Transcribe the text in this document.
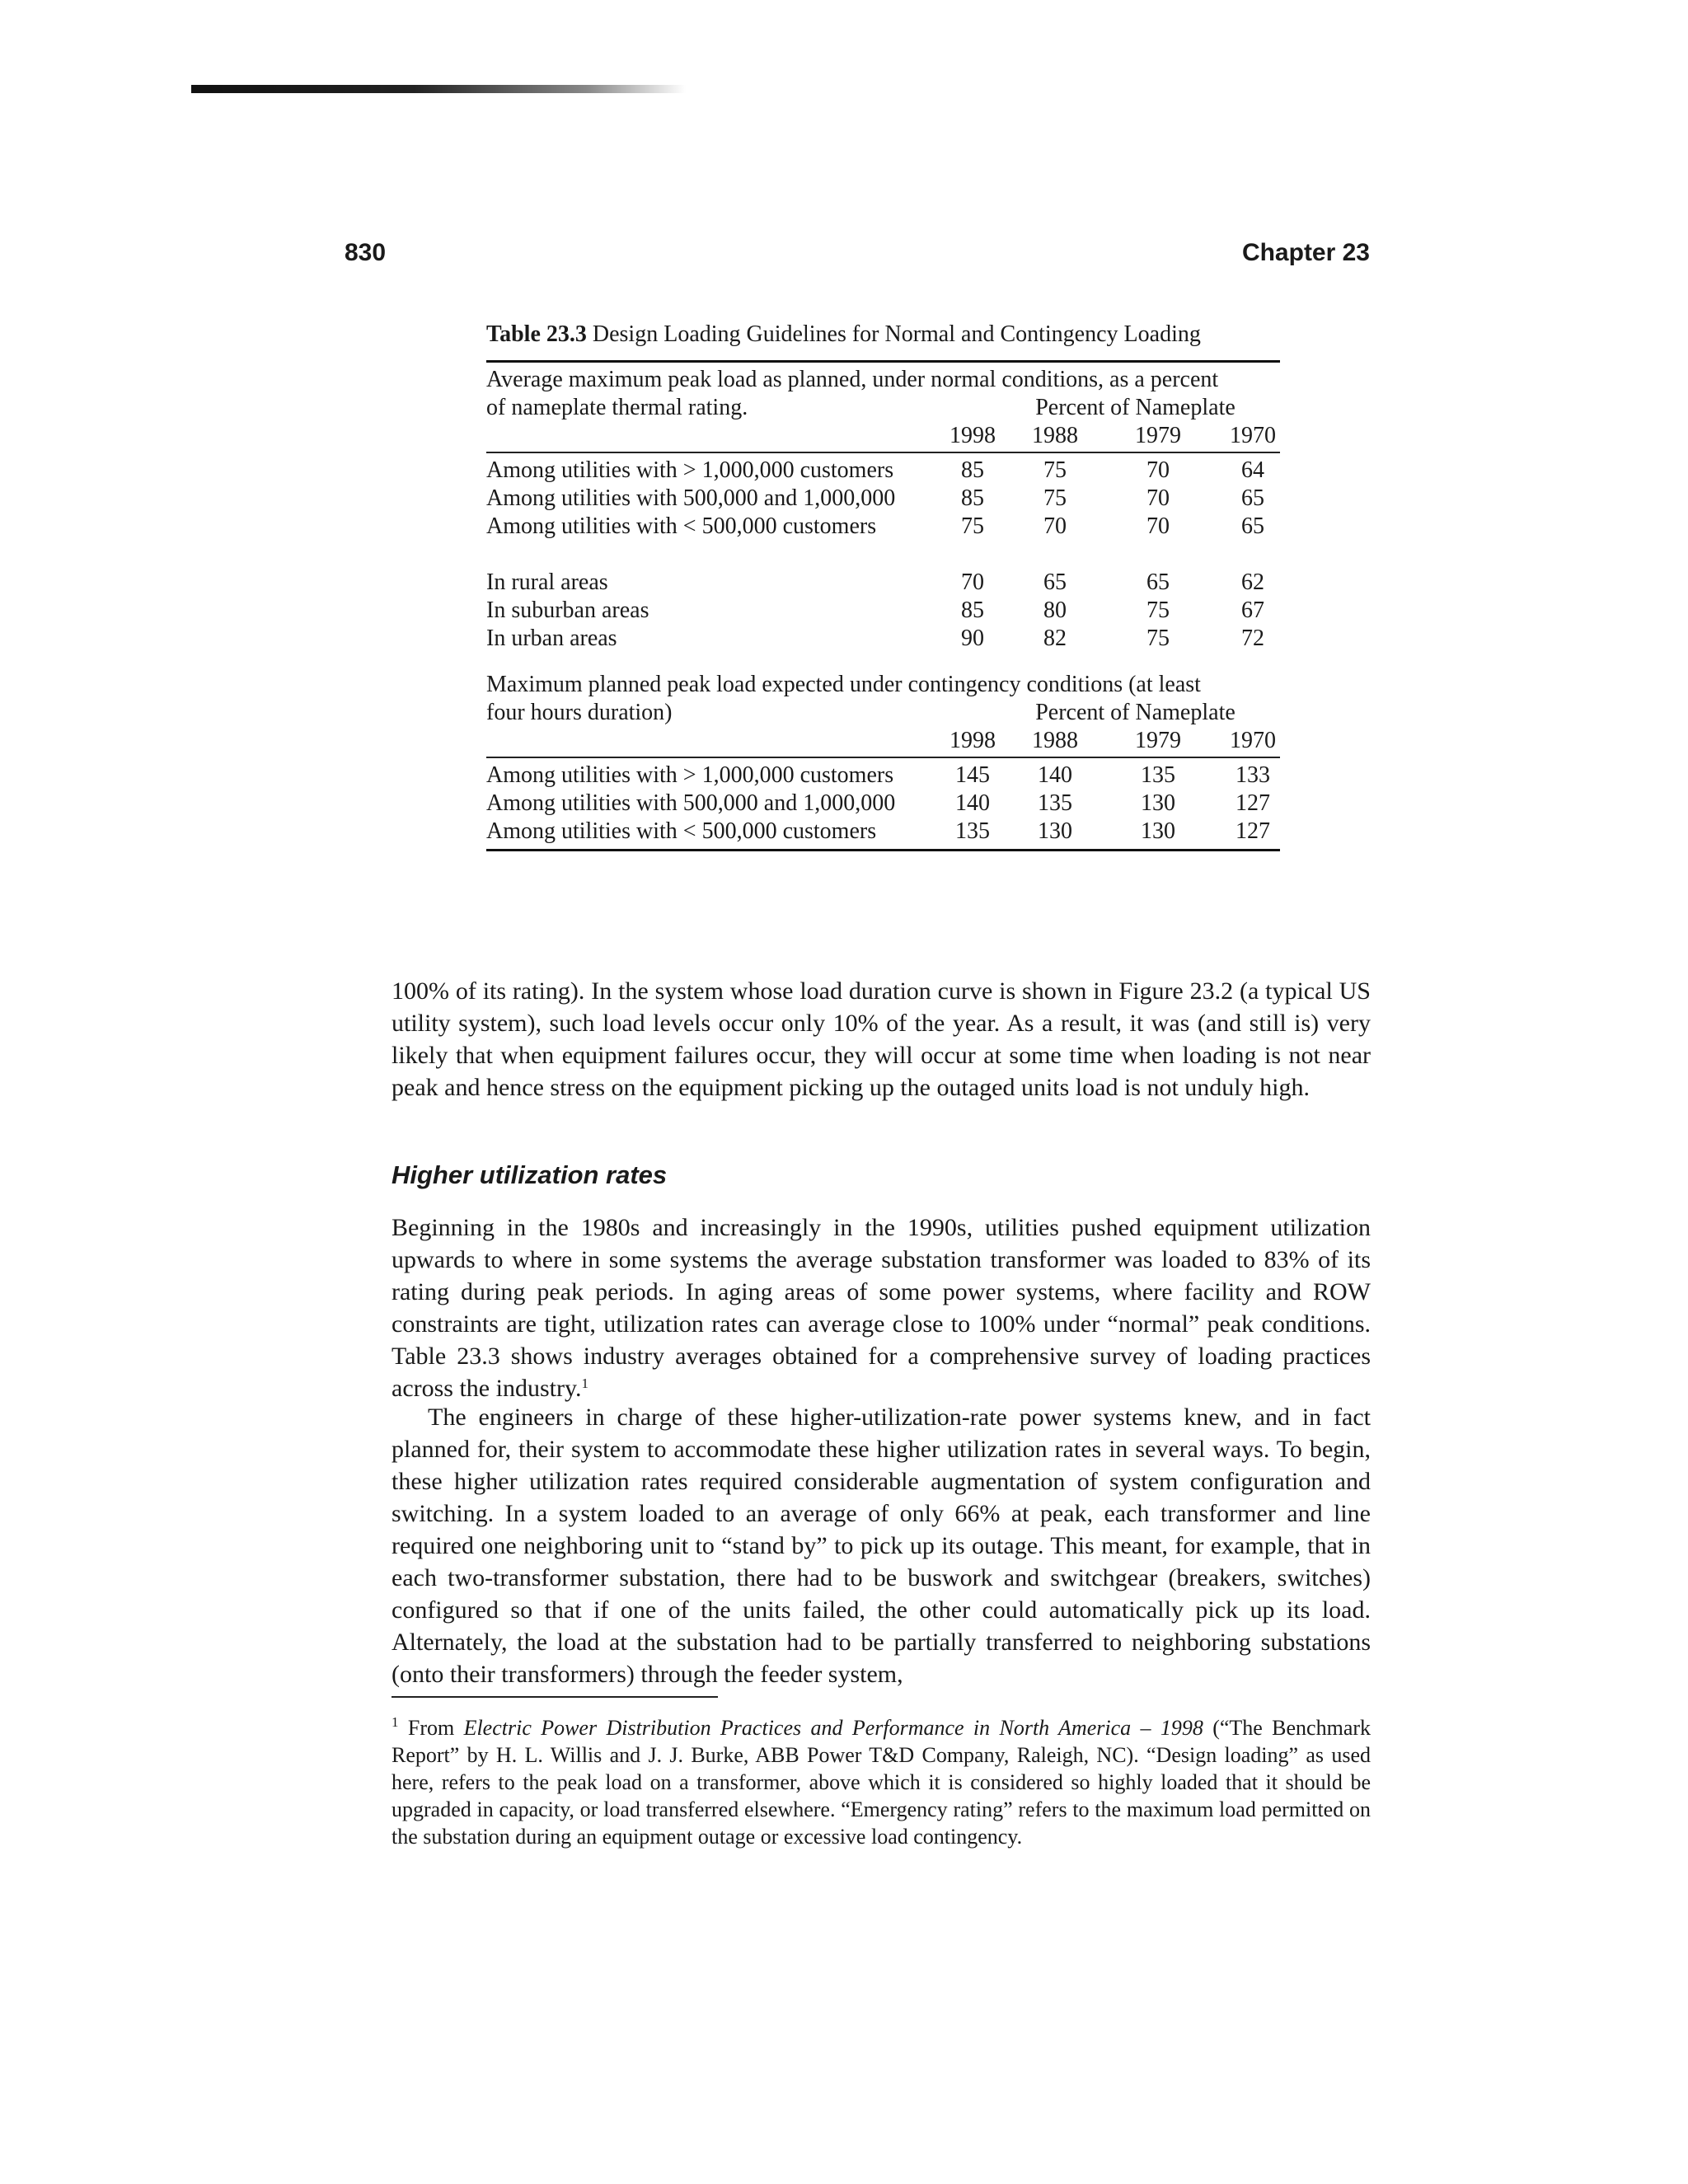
830	Chapter 23
Table 23.3 Design Loading Guidelines for Normal and Contingency Loading
Average maximum peak load as planned, under normal conditions, as a percent
of nameplate thermal rating.	Percent of Nameplate
1998 1988 1979 1970
Among utilities with > 1,000,000 customers	85	75	70	64
Among utilities with 500,000 and 1,000,000	85	75	70	65
Among utilities with < 500,000 customers	75	70	70	65
In rural areas	70	65	65	62
In suburban areas	85	80	75	67
In urban areas	90	82	75	72
Maximum planned peak load expected under contingency conditions (at least
four hours duration)	Percent of Nameplate
1998 1988 1979 1970
Among utilities with > 1,000,000 customers	145	140	135	133
Among utilities with 500,000 and 1,000,000	140	135	130	127
Among utilities with < 500,000 customers	135	130	130	127
100% of its rating). In the system whose load duration curve is shown in Figure 23.2 (a typical US utility system), such load levels occur only 10% of the year. As a result, it was (and still is) very likely that when equipment failures occur, they will occur at some time when loading is not near peak and hence stress on the equipment picking up the outaged units load is not unduly high.
Higher utilization rates
Beginning in the 1980s and increasingly in the 1990s, utilities pushed equipment utilization upwards to where in some systems the average substation transformer was loaded to 83% of its rating during peak periods. In aging areas of some power systems, where facility and ROW constraints are tight, utilization rates can average close to 100% under “normal” peak conditions. Table 23.3 shows industry averages obtained for a comprehensive survey of loading practices across the industry.$^1$
The engineers in charge of these higher-utilization-rate power systems knew, and in fact planned for, their system to accommodate these higher utilization rates in several ways. To begin, these higher utilization rates required considerable augmentation of system configuration and switching. In a system loaded to an average of only 66% at peak, each transformer and line required one neighboring unit to “stand by” to pick up its outage. This meant, for example, that in each two-transformer substation, there had to be buswork and switchgear (breakers, switches) configured so that if one of the units failed, the other could automatically pick up its load. Alternately, the load at the substation had to be partially transferred to neighboring substations (onto their transformers) through the feeder system,
$^1$ From Electric Power Distribution Practices and Performance in North America – 1998 (“The Benchmark Report” by H. L. Willis and J. J. Burke, ABB Power T&D Company, Raleigh, NC). “Design loading” as used here, refers to the peak load on a transformer, above which it is considered so highly loaded that it should be upgraded in capacity, or load transferred elsewhere. “Emergency rating” refers to the maximum load permitted on the substation during an equipment outage or excessive load contingency.
